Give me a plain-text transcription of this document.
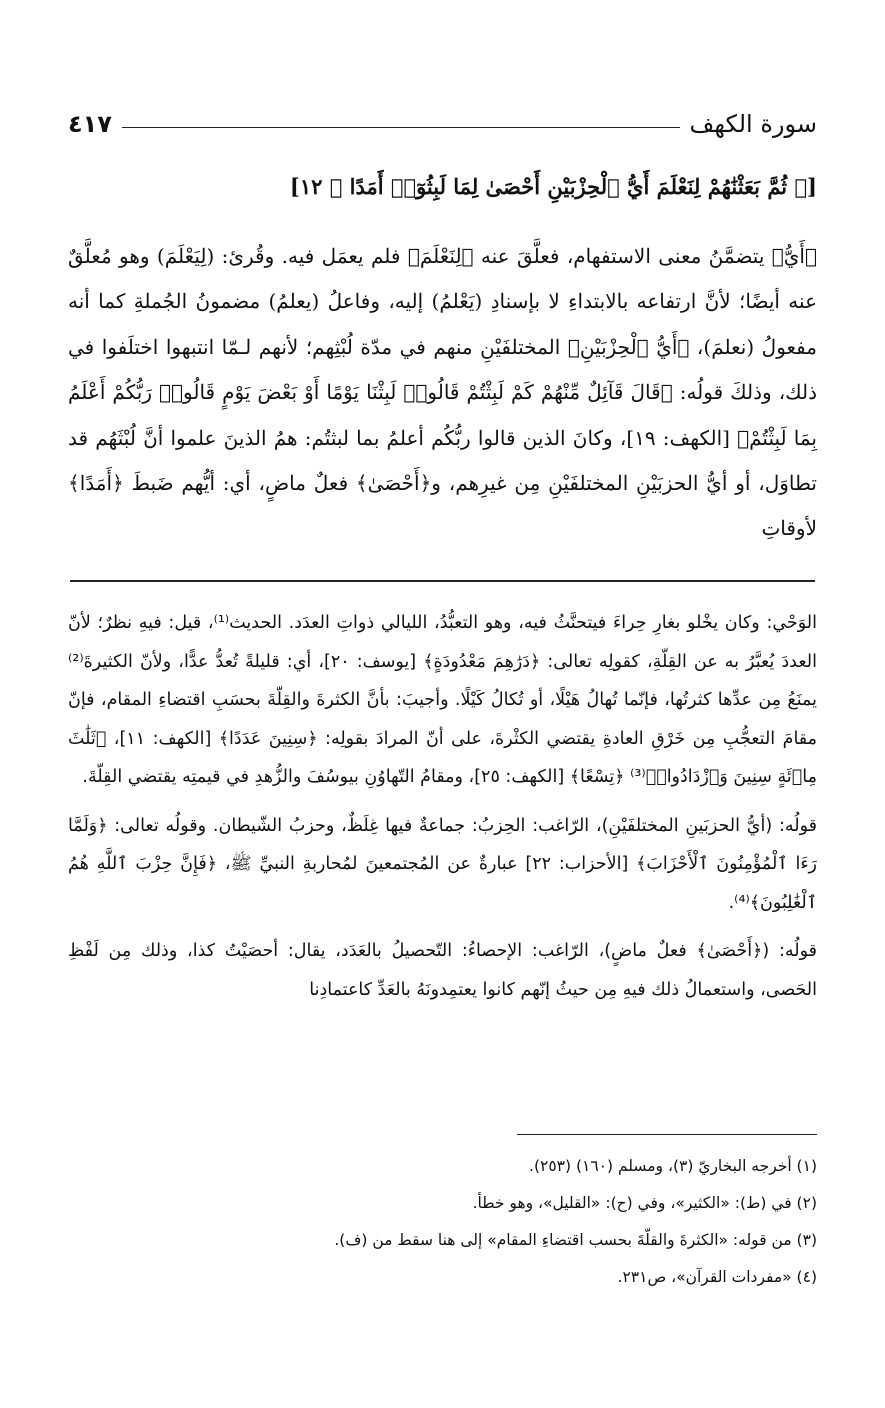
سورة الكهف
٤١٧
[﴿ ثُمَّ بَعَثْنَٰهُمْ لِنَعْلَمَ أَيُّ ٱلْحِزْبَيْنِ أَحْصَىٰ لِمَا لَبِثُوٓا۟ أَمَدًا ﴾ ١٢]

﴿أَيُّ﴾ يتضمَّنُ معنى الاستفهام، فعلَّقَ عنه ﴿لِنَعْلَمَ﴾ فلم يعمَل فيه. وقُرئ: (لِيَعْلَمَ) وهو مُعلَّقٌ عنه أيضًا؛ لأنَّ ارتفاعه بالابتداءِ لا بإسنادِ (يَعْلمُ) إليه، وفاعلُ (يعلمُ) مضمونُ الجُملةِ كما أنه مفعولُ (نعلمَ)، ﴿أَيُّ ٱلْحِزْبَيْنِ﴾ المختلفَيْنِ منهم في مدّة لُبْثِهم؛ لأنهم لـمّا انتبهوا اختلَفوا في ذلك، وذلكَ قولُه: ﴿قَالَ قَآئِلٌ مِّنْهُمْ كَمْ لَبِثْتُمْ قَالُوا۟ لَبِثْنَا يَوْمًا أَوْ بَعْضَ يَوْمٍ قَالُوا۟ رَبُّكُمْ أَعْلَمُ بِمَا لَبِثْتُمْ﴾ [الكهف: ١٩]، وكانَ الذين قالوا ربُّكُم أعلمُ بما لبثتُم: همُ الذينَ علموا أنَّ لُبْثَهُم قد تطاوَل، أو أيُّ الحزبَيْنِ المختلفَيْنِ مِن غيرِهم، و﴿أَحْصَىٰ﴾ فعلٌ ماضٍ، أي: أيُّهم ضَبطَ ﴿أَمَدًا﴾ لأوقاتِ

الوَحْي: وكان يخْلو بغارِ حِراءَ فيتحنَّثُ فيه، وهو التعبُّدُ، الليالي ذواتِ العدَد. الحديث⁽¹⁾، قيل: فيهِ نظرٌ؛ لأنّ العددَ يُعبَّرُ به عن القِلّةِ، كقولِه تعالى: ﴿دَرَٰهِمَ مَعْدُودَةٍ﴾ [يوسف: ٢٠]، أي: قليلةً تُعدُّ عدًّا، ولأنّ الكثيرةَ⁽²⁾ يمنَعُ مِن عدِّها كثرتُها، فإنّما تُهالُ هَيْلًا، أو تُكالُ كَيْلًا. وأجيبَ: بأنَّ الكثرةَ والقِلّةَ بحسَبِ اقتضاءِ المقام، فإنّ مقامَ التعجُّبِ مِن خَرْقِ العادةِ يقتضي الكثْرةَ، على أنّ المرادَ بقولِه: ﴿سِنِينَ عَدَدًا﴾ [الكهف: ١١]، ﴿ثَلَٰثَ مِا۟ئَةٍ سِنِينَ وَٱزْدَادُوا۟﴾⁽³⁾ ﴿تِسْعًا﴾ [الكهف: ٢٥]، ومقامُ التّهاوُنِ بيوسُفَ والزُّهدِ في قيمتِه يقتضي القِلّةَ.

قولُه: (أيُّ الحزبَينِ المختلفَيْنِ)، الرّاغب: الحِزبُ: جماعةٌ فيها غِلَظٌ، وحزبُ الشّيطان. وقولُه تعالى: ﴿وَلَمَّا رَءَا ٱلْمُؤْمِنُونَ ٱلْأَحْزَابَ﴾ [الأحزاب: ٢٢] عبارةٌ عن المُجتمعينَ لمُحاربةِ النبيِّ ﷺ، ﴿فَإِنَّ حِزْبَ ٱللَّهِ هُمُ ٱلْغَٰلِبُونَ﴾⁽⁴⁾.

قولُه: (﴿أَحْصَىٰ﴾ فعلٌ ماضٍ)، الرّاغب: الإحصاءُ: التّحصيلُ بالعَدَد، يقال: أحصَيْتُ كذا، وذلك مِن لَفْظِ الحَصى، واستعمالُ ذلك فيهِ مِن حيثُ إنّهم كانوا يعتمِدونَهُ بالعَدِّ كاعتمادِنا

(١) أخرجه البخاريّ (٣)، ومسلم (١٦٠) (٢٥٣).
(٢) في (ط): «الكثير»، وفي (ح): «القليل»، وهو خطأ.
(٣) من قوله: «الكثرةَ والقلّةَ بحسب اقتضاءِ المقام» إلى هنا سقط من (ف).
(٤) «مفردات القرآن»، ص٢٣١.
